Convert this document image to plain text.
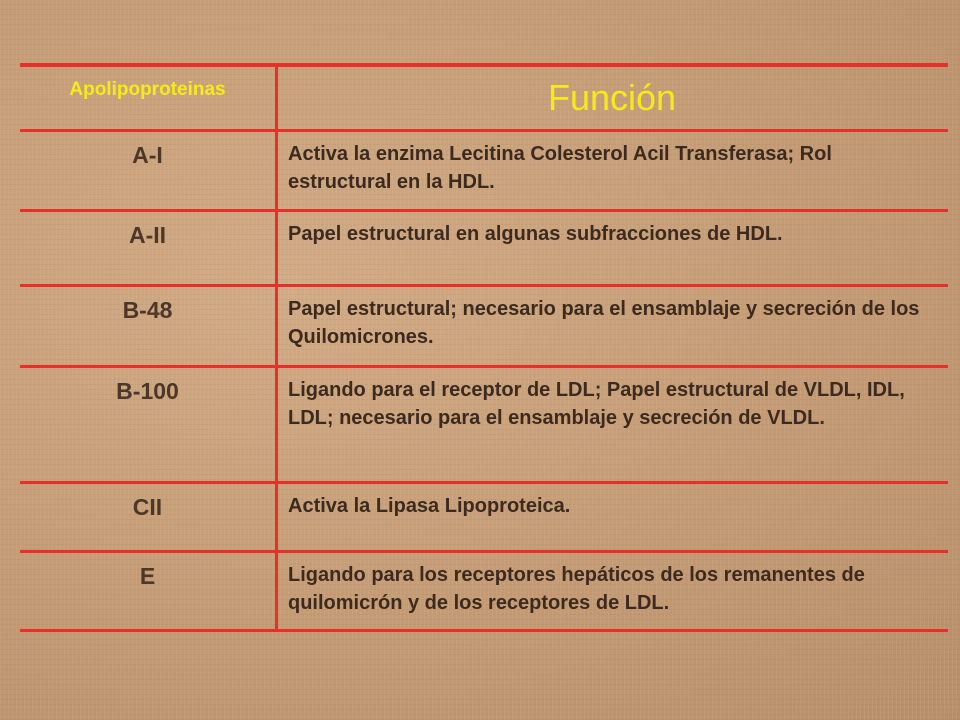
Apolipoproteinas	Función
A-I	Activa la enzima Lecitina Colesterol Acil Transferasa; Rol estructural en la HDL.
A-II	Papel estructural en algunas subfracciones de HDL.
B-48	Papel estructural; necesario para el ensamblaje y secreción de los Quilomicrones.
B-100	Ligando para el receptor de LDL; Papel estructural de VLDL, IDL, LDL; necesario para el ensamblaje y secreción de VLDL.
CII	Activa la Lipasa Lipoproteica.
E	Ligando para los receptores hepáticos de los remanentes de quilomicrón y de los receptores de LDL.
